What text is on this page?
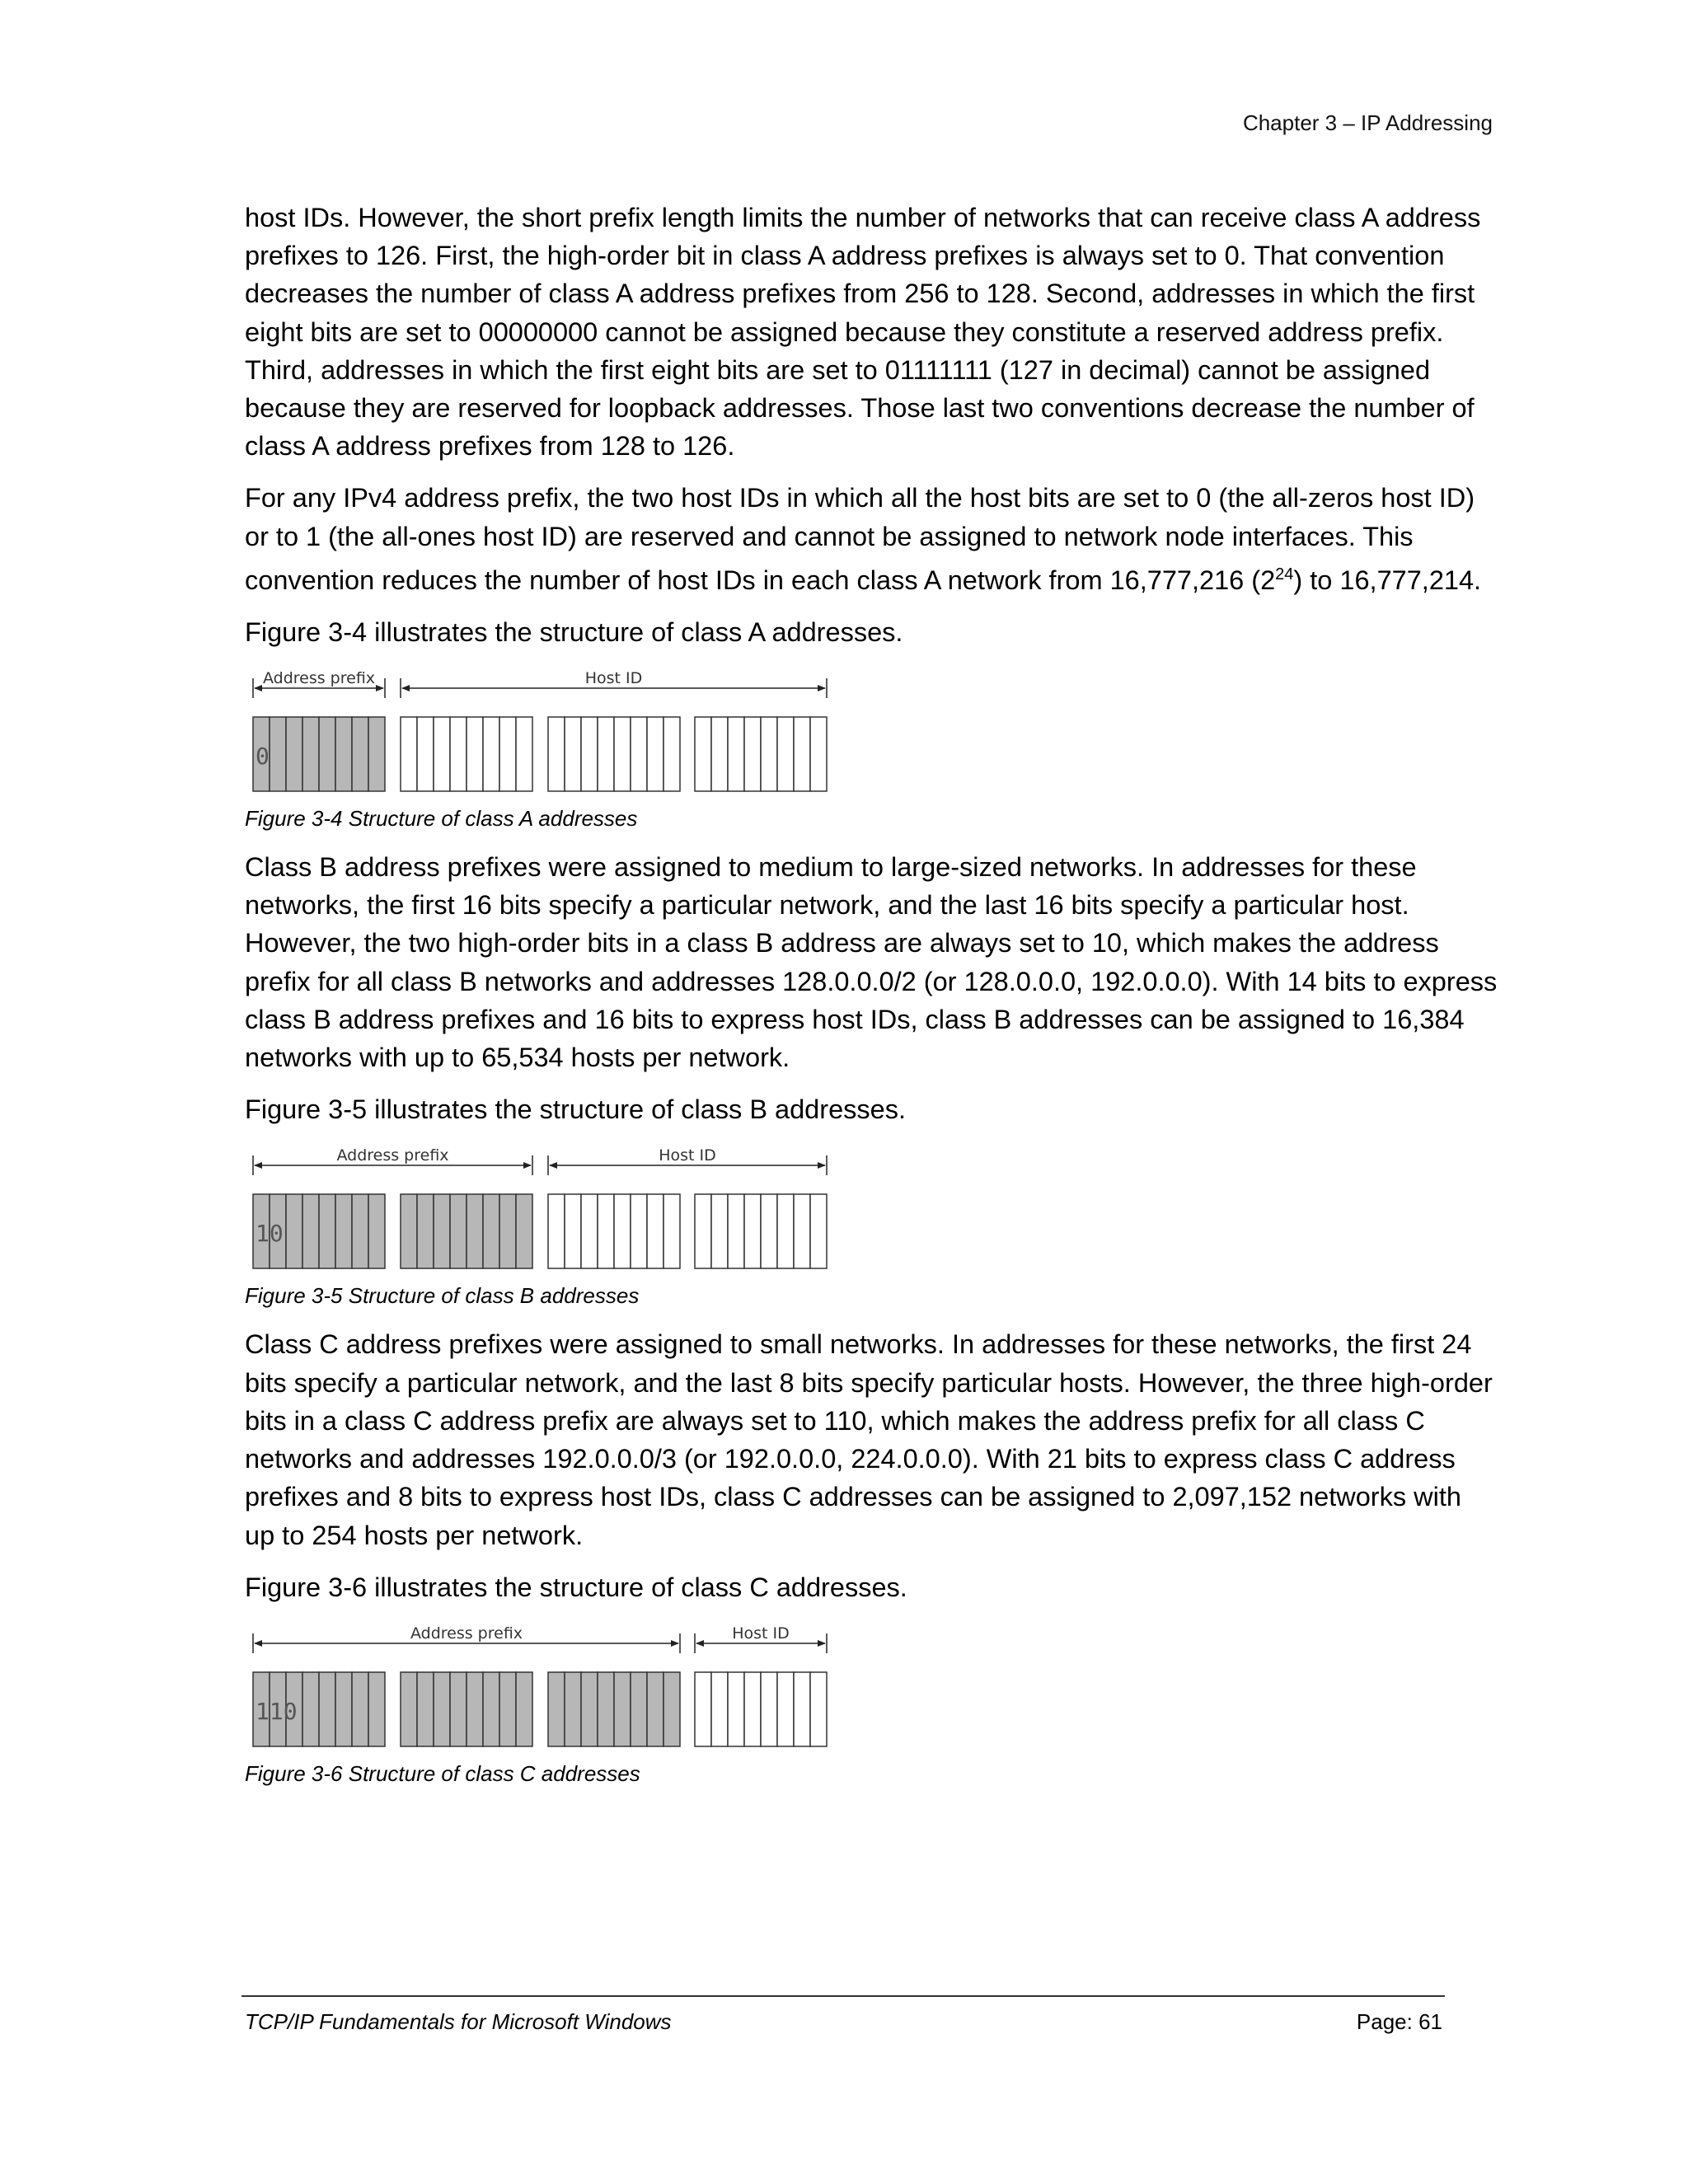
Chapter 3 – IP Addressing

host IDs. However, the short prefix length limits the number of networks that can receive class A address prefixes to 126. First, the high-order bit in class A address prefixes is always set to 0. That convention decreases the number of class A address prefixes from 256 to 128. Second, addresses in which the first eight bits are set to 00000000 cannot be assigned because they constitute a reserved address prefix. Third, addresses in which the first eight bits are set to 01111111 (127 in decimal) cannot be assigned because they are reserved for loopback addresses. Those last two conventions decrease the number of class A address prefixes from 128 to 126.

For any IPv4 address prefix, the two host IDs in which all the host bits are set to 0 (the all-zeros host ID) or to 1 (the all-ones host ID) are reserved and cannot be assigned to network node interfaces. This convention reduces the number of host IDs in each class A network from 16,777,216 $(2^{24})$ to 16,777,214.

Figure 3-4 illustrates the structure of class A addresses.

0
Address prefix	Host ID
Figure 3-4 Structure of class A addresses

Class B address prefixes were assigned to medium to large-sized networks. In addresses for these networks, the first 16 bits specify a particular network, and the last 16 bits specify a particular host. However, the two high-order bits in a class B address are always set to 10, which makes the address prefix for all class B networks and addresses 128.0.0.0/2 (or 128.0.0.0, 192.0.0.0). With 14 bits to express class B address prefixes and 16 bits to express host IDs, class B addresses can be assigned to 16,384 networks with up to 65,534 hosts per network.

Figure 3-5 illustrates the structure of class B addresses.

10
Address prefix	Host ID
Figure 3-5 Structure of class B addresses

Class C address prefixes were assigned to small networks. In addresses for these networks, the first 24 bits specify a particular network, and the last 8 bits specify particular hosts. However, the three high-order bits in a class C address prefix are always set to 110, which makes the address prefix for all class C networks and addresses 192.0.0.0/3 (or 192.0.0.0, 224.0.0.0). With 21 bits to express class C address prefixes and 8 bits to express host IDs, class C addresses can be assigned to 2,097,152 networks with up to 254 hosts per network.

Figure 3-6 illustrates the structure of class C addresses.

110
Address prefix	Host ID
Figure 3-6 Structure of class C addresses
TCP/IP Fundamentals for Microsoft Windows	Page: 61
